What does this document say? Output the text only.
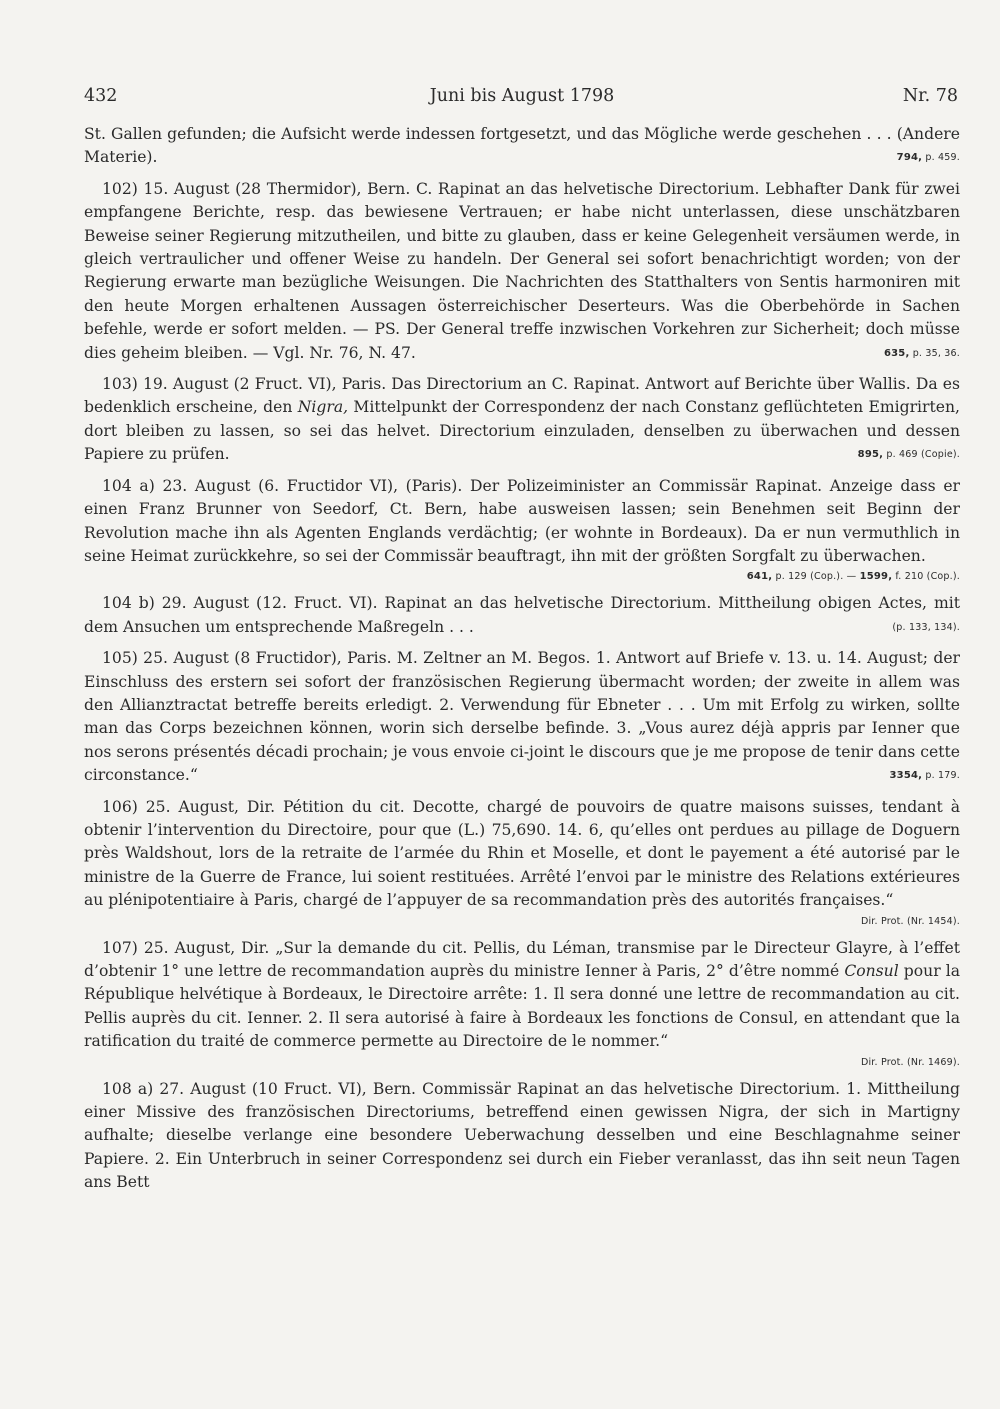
432	Juni bis August 1798	Nr. 78

St. Gallen gefunden; die Aufsicht werde indessen fortgesetzt, und das Mögliche werde geschehen . . . (Andere Materie).	794, p. 459.

102) 15. August (28 Thermidor), Bern. C. Rapinat an das helvetische Directorium. Lebhafter Dank für zwei empfangene Berichte, resp. das bewiesene Vertrauen; er habe nicht unterlassen, diese unschätzbaren Beweise seiner Regierung mitzutheilen, und bitte zu glauben, dass er keine Gelegenheit versäumen werde, in gleich vertraulicher und offener Weise zu handeln. Der General sei sofort benachrichtigt worden; von der Regierung erwarte man bezügliche Weisungen. Die Nachrichten des Statthalters von Sentis harmoniren mit den heute Morgen erhaltenen Aussagen österreichischer Deserteurs. Was die Oberbehörde in Sachen befehle, werde er sofort melden. — PS. Der General treffe inzwischen Vorkehren zur Sicherheit; doch müsse dies geheim bleiben. — Vgl. Nr. 76, N. 47.	635, p. 35, 36.

103) 19. August (2 Fruct. VI), Paris. Das Directorium an C. Rapinat. Antwort auf Berichte über Wallis. Da es bedenklich erscheine, den Nigra, Mittelpunkt der Correspondenz der nach Constanz geflüchteten Emigrirten, dort bleiben zu lassen, so sei das helvet. Directorium einzuladen, denselben zu überwachen und dessen Papiere zu prüfen.	895, p. 469 (Copie).

104 a) 23. August (6. Fructidor VI), (Paris). Der Polizeiminister an Commissär Rapinat. Anzeige dass er einen Franz Brunner von Seedorf, Ct. Bern, habe ausweisen lassen; sein Benehmen seit Beginn der Revolution mache ihn als Agenten Englands verdächtig; (er wohnte in Bordeaux). Da er nun vermuthlich in seine Heimat zurückkehre, so sei der Commissär beauftragt, ihn mit der größten Sorgfalt zu überwachen.

641, p. 129 (Cop.). — 1599, f. 210 (Cop.).

104 b) 29. August (12. Fruct. VI). Rapinat an das helvetische Directorium. Mittheilung obigen Actes, mit dem Ansuchen um entsprechende Maßregeln . . .	(p. 133, 134).

105) 25. August (8 Fructidor), Paris. M. Zeltner an M. Begos. 1. Antwort auf Briefe v. 13. u. 14. August; der Einschluss des erstern sei sofort der französischen Regierung übermacht worden; der zweite in allem was den Allianztractat betreffe bereits erledigt. 2. Verwendung für Ebneter . . . Um mit Erfolg zu wirken, sollte man das Corps bezeichnen können, worin sich derselbe befinde. 3. „Vous aurez déjà appris par Ienner que nos serons présentés décadi prochain; je vous envoie ci-joint le discours que je me propose de tenir dans cette circonstance.“	3354, p. 179.

106) 25. August, Dir. Pétition du cit. Decotte, chargé de pouvoirs de quatre maisons suisses, tendant à obtenir l’intervention du Directoire, pour que (L.) 75,690. 14. 6, qu’elles ont perdues au pillage de Doguern près Waldshout, lors de la retraite de l’armée du Rhin et Moselle, et dont le payement a été autorisé par le ministre de la Guerre de France, lui soient restituées. Arrêté l’envoi par le ministre des Relations extérieures au plénipotentiaire à Paris, chargé de l’appuyer de sa recommandation près des autorités françaises.“

Dir. Prot. (Nr. 1454).

107) 25. August, Dir. „Sur la demande du cit. Pellis, du Léman, transmise par le Directeur Glayre, à l’effet d’obtenir 1° une lettre de recommandation auprès du ministre Ienner à Paris, 2° d’être nommé Consul pour la République helvétique à Bordeaux, le Directoire arrête: 1. Il sera donné une lettre de recommandation au cit. Pellis auprès du cit. Ienner. 2. Il sera autorisé à faire à Bordeaux les fonctions de Consul, en attendant que la ratification du traité de commerce permette au Directoire de le nommer.“

Dir. Prot. (Nr. 1469).

108 a) 27. August (10 Fruct. VI), Bern. Commissär Rapinat an das helvetische Directorium. 1. Mittheilung einer Missive des französischen Directoriums, betreffend einen gewissen Nigra, der sich in Martigny aufhalte; dieselbe verlange eine besondere Ueberwachung desselben und eine Beschlagnahme seiner Papiere. 2. Ein Unterbruch in seiner Correspondenz sei durch ein Fieber veranlasst, das ihn seit neun Tagen ans Bett
